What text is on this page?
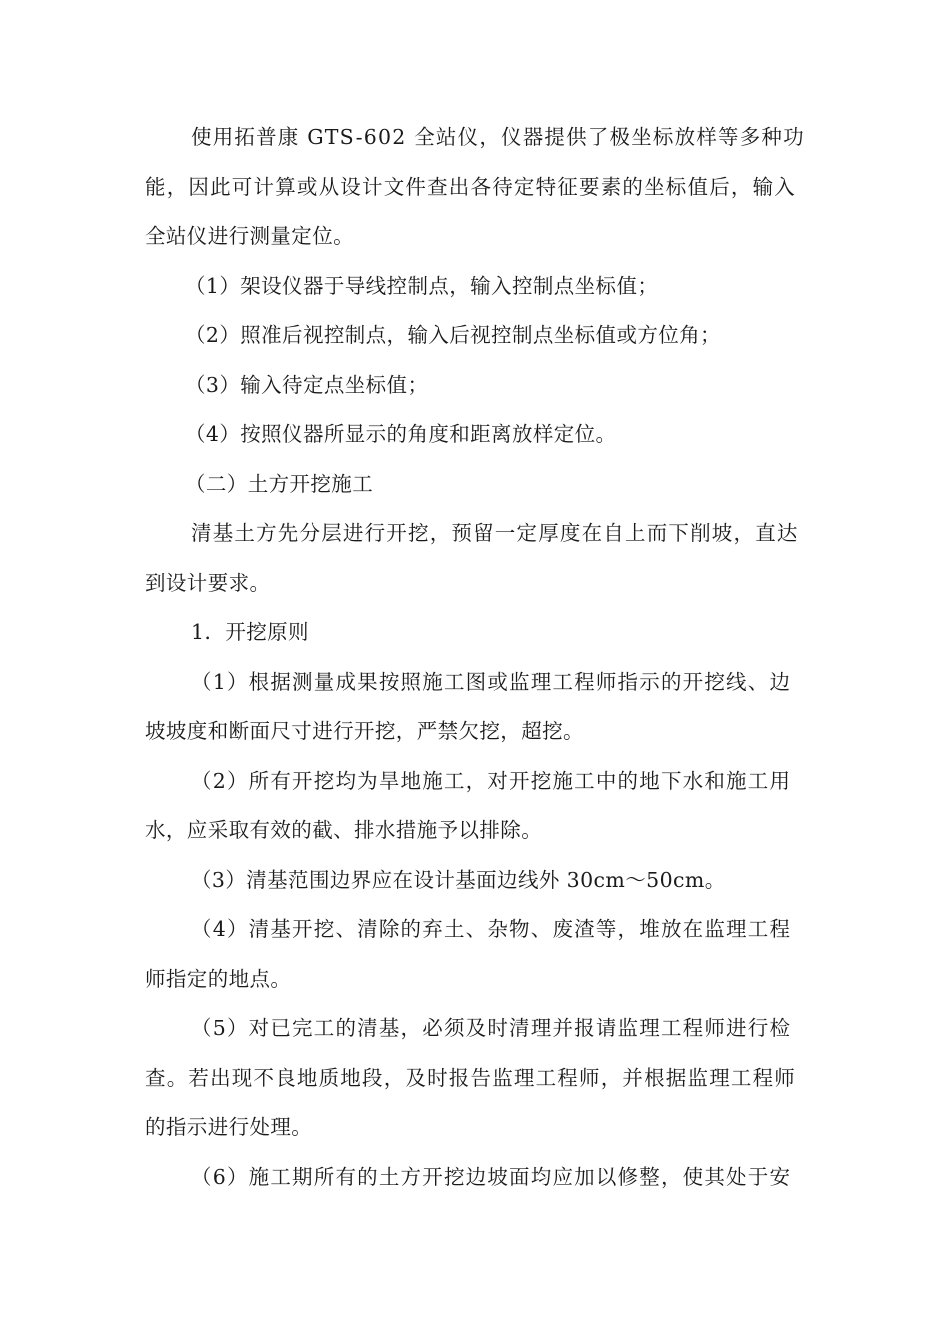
使用拓普康 GTS-602 全站仪，仪器提供了极坐标放样等多种功
能，因此可计算或从设计文件查出各待定特征要素的坐标值后，输入
全站仪进行测量定位。
（1）架设仪器于导线控制点，输入控制点坐标值；
（2）照准后视控制点，输入后视控制点坐标值或方位角；
（3）输入待定点坐标值；
（4）按照仪器所显示的角度和距离放样定位。
（二）土方开挖施工
清基土方先分层进行开挖，预留一定厚度在自上而下削坡，直达
到设计要求。
1．开挖原则
（1）根据测量成果按照施工图或监理工程师指示的开挖线、边
坡坡度和断面尺寸进行开挖，严禁欠挖，超挖。
（2）所有开挖均为旱地施工，对开挖施工中的地下水和施工用
水，应采取有效的截、排水措施予以排除。
（3）清基范围边界应在设计基面边线外 30cm～50cm。
（4）清基开挖、清除的弃土、杂物、废渣等，堆放在监理工程
师指定的地点。
（5）对已完工的清基，必须及时清理并报请监理工程师进行检
查。若出现不良地质地段，及时报告监理工程师，并根据监理工程师
的指示进行处理。
（6）施工期所有的土方开挖边坡面均应加以修整，使其处于安
